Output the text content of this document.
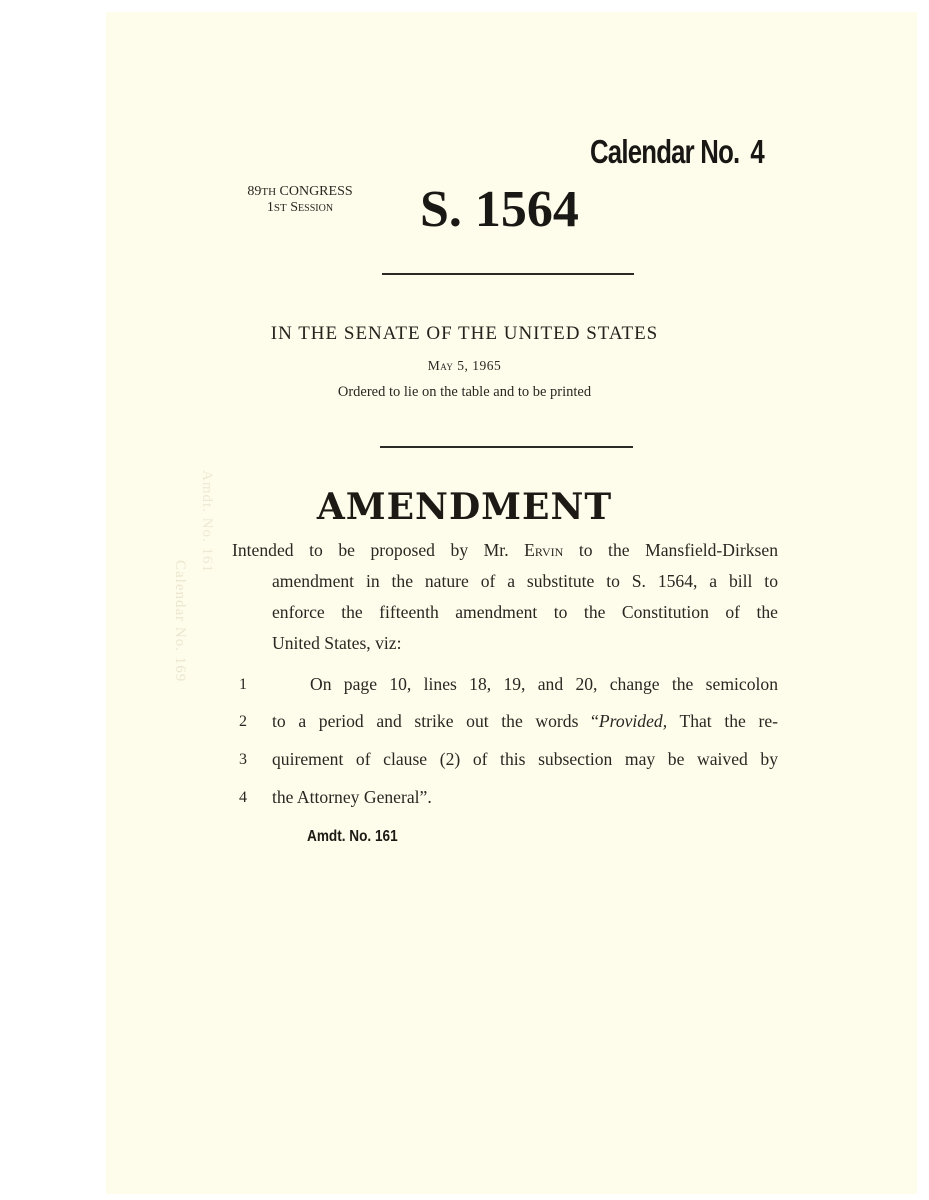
Calendar No. 169
Amdt. No. 161
Calendar No. 4
89TH CONGRESS
1ST Session	S. 1564
IN THE SENATE OF THE UNITED STATES
May 5, 1965
Ordered to lie on the table and to be printed
AMENDMENT
Intended to be proposed by Mr. Ervin to the Mansfield-Dirksen
amendment in the nature of a substitute to S. 1564, a bill to
enforce the fifteenth amendment to the Constitution of the
United States, viz:
1
2
3
4
On page 10, lines 18, 19, and 20, change the semicolon
to a period and strike out the words “Provided, That the re-
quirement of clause (2) of this subsection may be waived by
the Attorney General”.
Amdt. No. 161
